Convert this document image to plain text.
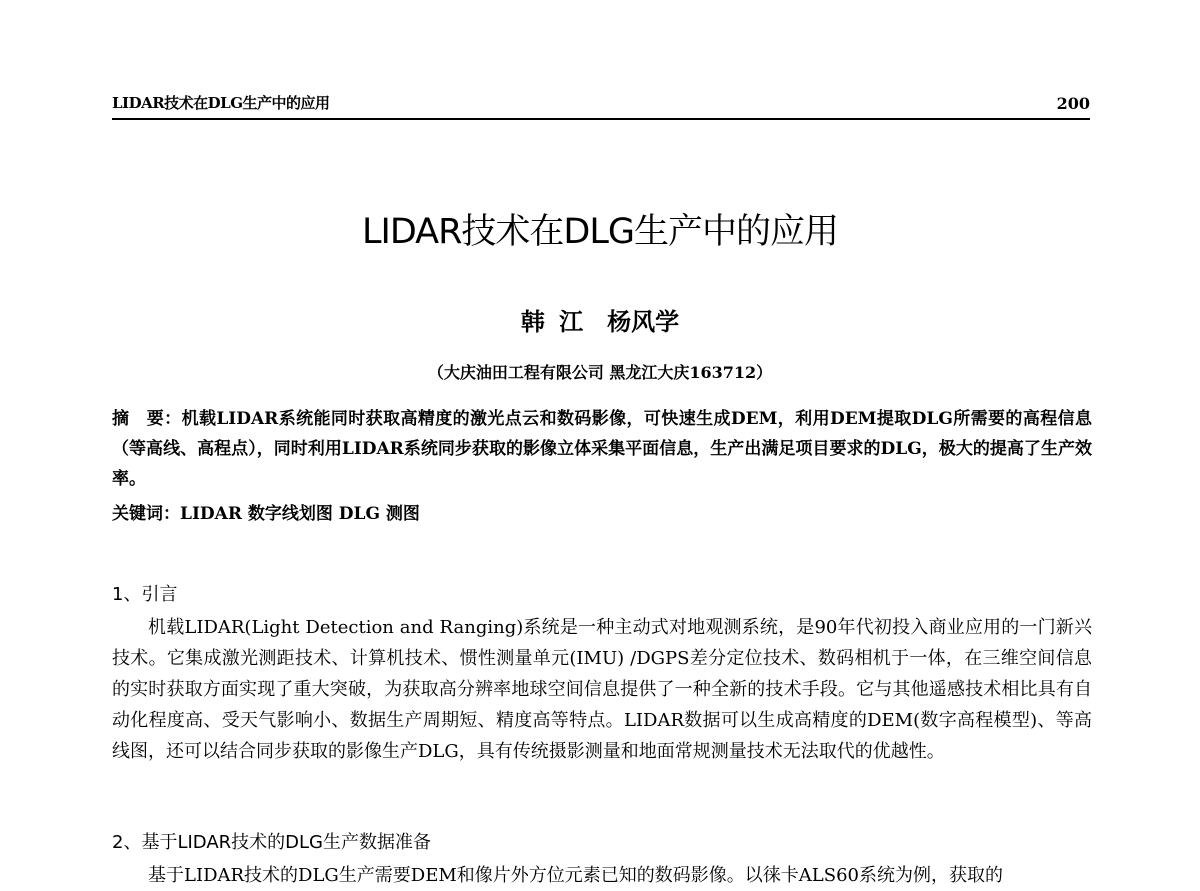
LIDAR技术在DLG生产中的应用	200
LIDAR技术在DLG生产中的应用
韩 江　杨风学
（大庆油田工程有限公司 黑龙江大庆163712）
摘　要：机载LIDAR系统能同时获取高精度的激光点云和数码影像，可快速生成DEM，利用DEM提取DLG所需要的高程信息（等高线、高程点），同时利用LIDAR系统同步获取的影像立体采集平面信息，生产出满足项目要求的DLG，极大的提高了生产效率。
关键词：LIDAR 数字线划图 DLG 测图
1、引言
机载LIDAR(Light Detection and Ranging)系统是一种主动式对地观测系统，是90年代初投入商业应用的一门新兴技术。它集成激光测距技术、计算机技术、惯性测量单元(IMU) /DGPS差分定位技术、数码相机于一体，在三维空间信息的实时获取方面实现了重大突破，为获取高分辨率地球空间信息提供了一种全新的技术手段。它与其他遥感技术相比具有自动化程度高、受天气影响小、数据生产周期短、精度高等特点。LIDAR数据可以生成高精度的DEM(数字高程模型)、等高线图，还可以结合同步获取的影像生产DLG，具有传统摄影测量和地面常规测量技术无法取代的优越性。
2、基于LIDAR技术的DLG生产数据准备
基于LIDAR技术的DLG生产需要DEM和像片外方位元素已知的数码影像。以徕卡ALS60系统为例，获取的
